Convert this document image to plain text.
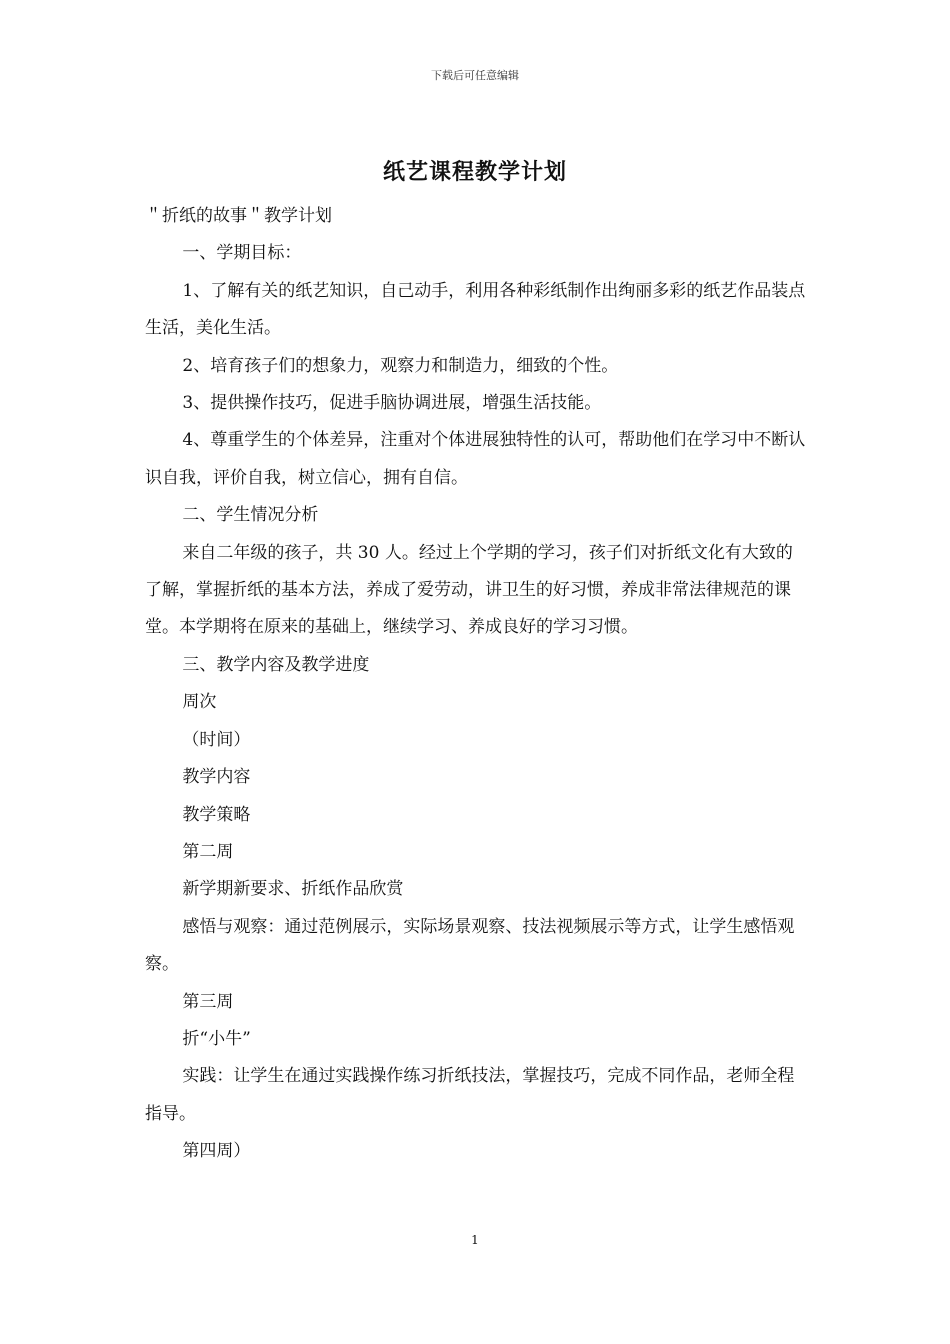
下载后可任意编辑
纸艺课程教学计划

＂折纸的故事＂教学计划

一、学期目标：

1、了解有关的纸艺知识，自己动手，利用各种彩纸制作出绚丽多彩的纸艺作品装点生活，美化生活。

2、培育孩子们的想象力，观察力和制造力，细致的个性。

3、提供操作技巧，促进手脑协调进展，增强生活技能。

4、尊重学生的个体差异，注重对个体进展独特性的认可，帮助他们在学习中不断认识自我，评价自我，树立信心，拥有自信。

二、学生情况分析

来自二年级的孩子，共 30 人。经过上个学期的学习，孩子们对折纸文化有大致的了解，掌握折纸的基本方法，养成了爱劳动，讲卫生的好习惯，养成非常法律规范的课堂。本学期将在原来的基础上，继续学习、养成良好的学习习惯。

三、教学内容及教学进度

周次

（时间）

教学内容

教学策略

第二周

新学期新要求、折纸作品欣赏

感悟与观察：通过范例展示，实际场景观察、技法视频展示等方式，让学生感悟观察。

第三周

折“小牛”

实践：让学生在通过实践操作练习折纸技法，掌握技巧，完成不同作品，老师全程指导。

第四周）

1
